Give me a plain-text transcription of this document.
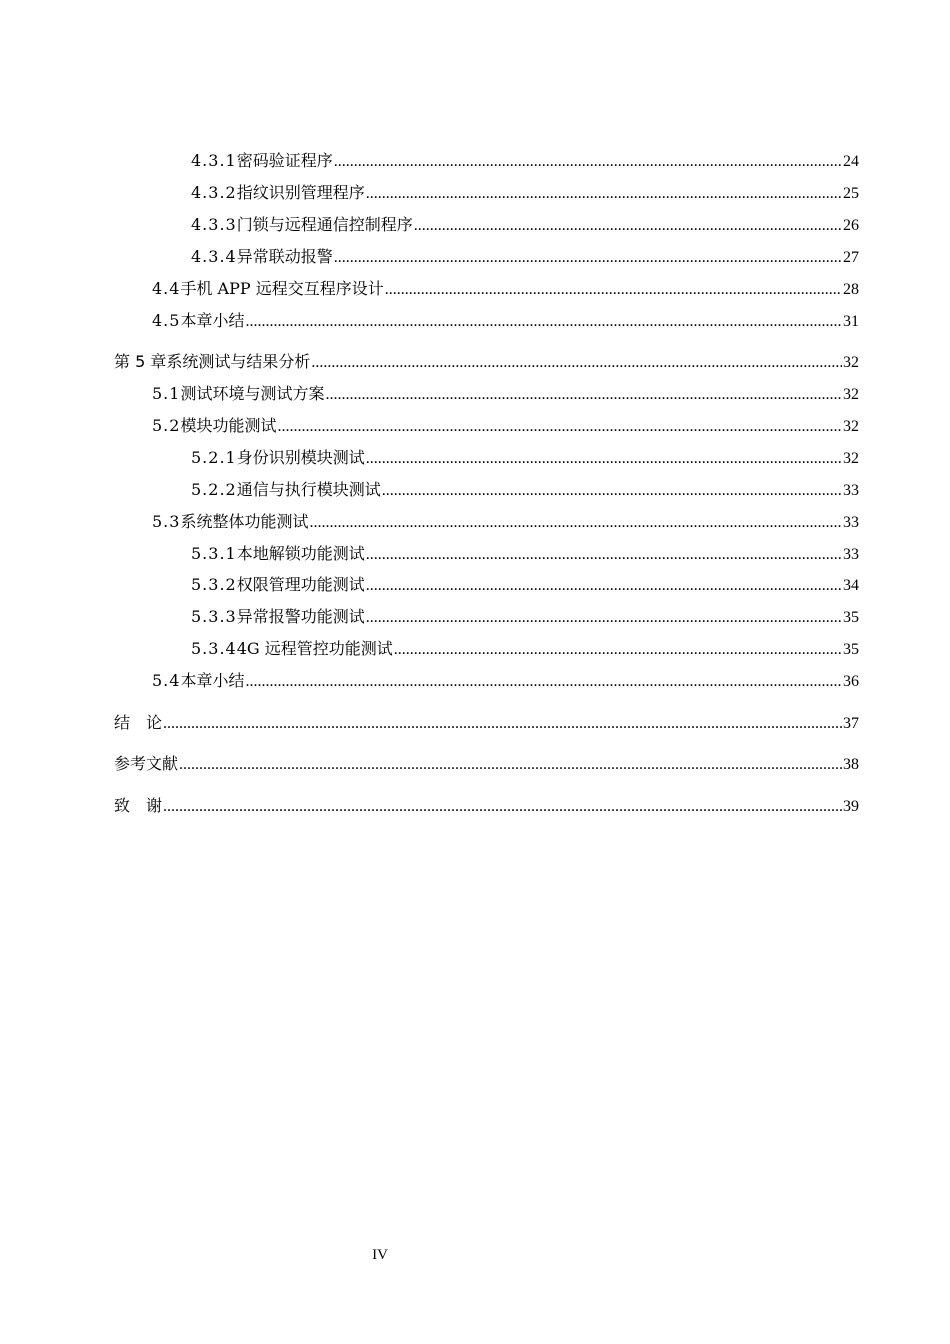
4.3.1 密码验证程序 .....	24
4.3.2 指纹识别管理程序 .....	25
4.3.3 门锁与远程通信控制程序 .....	26
4.3.4 异常联动报警 .....	27
4.4 手机 APP 远程交互程序设计 .....	28
4.5 本章小结 .....	31
第 5 章 系统测试与结果分析 .....	32
5.1 测试环境与测试方案 .....	32
5.2 模块功能测试 .....	32
5.2.1 身份识别模块测试 .....	32
5.2.2 通信与执行模块测试 .....	33
5.3 系统整体功能测试 .....	33
5.3.1 本地解锁功能测试 .....	33
5.3.2 权限管理功能测试 .....	34
5.3.3 异常报警功能测试 .....	35
5.3.4 4G 远程管控功能测试 .....	35
5.4 本章小结 .....	36
结　论 .....	37
参考文献 .....	38
致　谢 .....	39
IV
